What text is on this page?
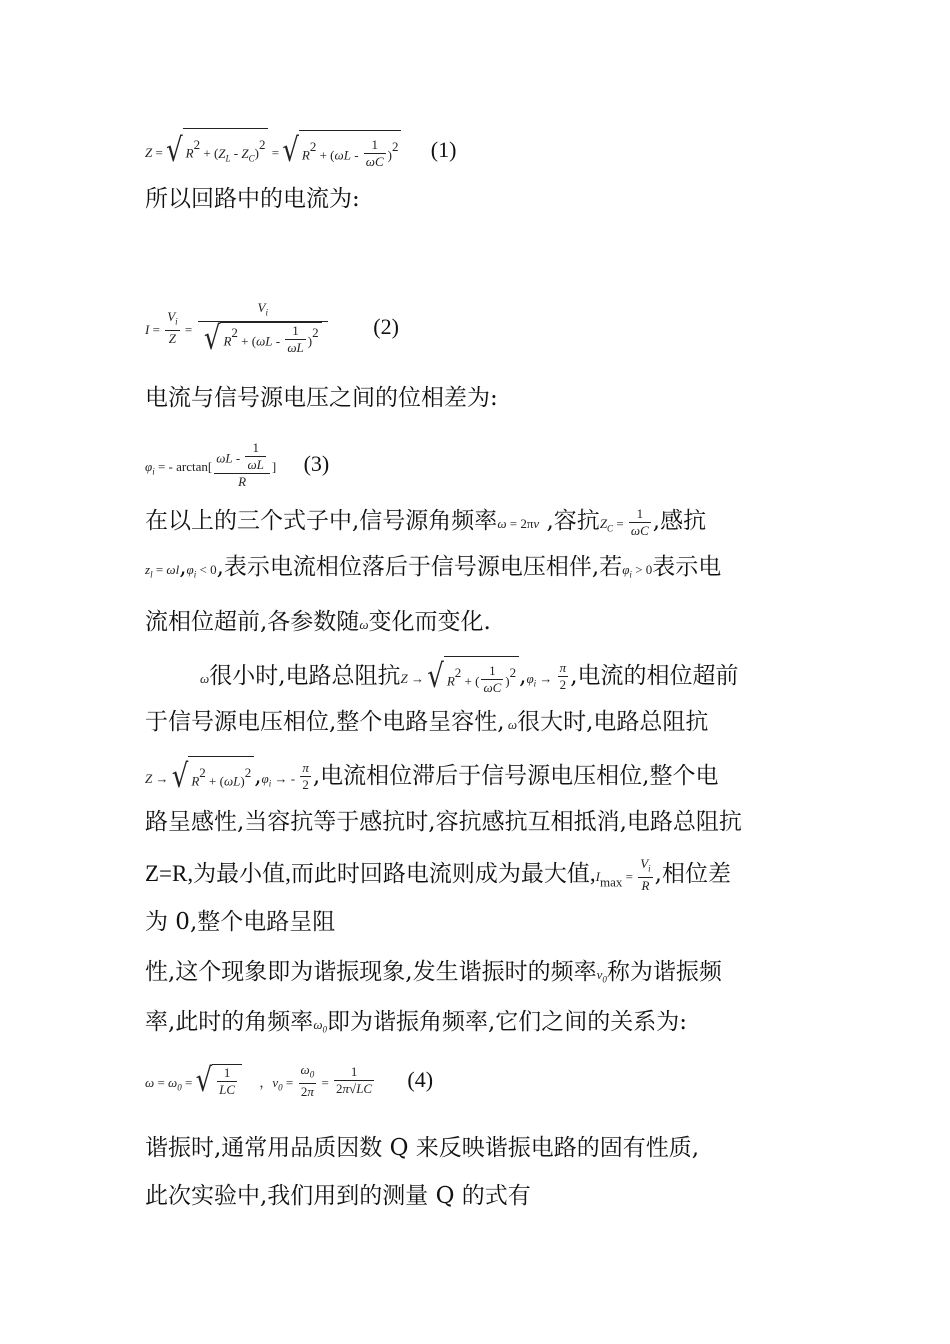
Z = √ $R^2 + (Z_L - Z_C)^2$ = √ $R^2 + (\omega L - \frac{1}{\omega C} )^2$ (1)
所以回路中的电流为:
$I = \frac{V_i}{Z} = \frac{V_i}{√ R^2 + (\omega L - \frac{1}{\omega L} )^2} (2)$
电流与信号源电压之间的位相差为:
$\varphi_i$ = - $\arctan[ \frac{\omega L - \frac{1}{\omega L}}{R}$ ] (3)
在以上的三个式子中,信号源角频率ω = 2πν ,容抗$Z_C = \frac{1}{\omega C}$ ,感抗
$z_l = \omega l,\varphi_i < 0$,表示电流相位落后于信号源电压相伴,若$\varphi_i > 0$表示电
流相位超前,各参数随ω变化而变化.
ω很小时,电路总阻抗Z → √ $R^2$ + ( $\frac{1}{\omega C} )^2$ $,\varphi_i \to \frac{\pi}{2}$ ,电流的相位超前
于信号源电压相位,整个电路呈容性, ω很大时,电路总阻抗
Z → √ $R^2 + (\omega L)^2$ $,\varphi_i$ → - $\frac{\pi}{2}$ ,电流相位滞后于信号源电压相位,整个电
路呈感性,当容抗等于感抗时,容抗感抗互相抵消,电路总阻抗
Z=R,为最小值,而此时回路电流则成为最大值$,I_{max} = \frac{V_i}{R}$ ,相位差
为 0,整个电路呈阻
性,这个现象即为谐振现象,发生谐振时的频率$\nu_0$称为谐振频
率,此时的角频率$\omega_0$即为谐振角频率,它们之间的关系为:
$\omega = \omega_0$ = √ $\frac{1}{LC}$ ，$\nu_0 = \frac{\omega_0}{2\pi} = \frac{1}{2\pi√LC} (4)$
谐振时,通常用品质因数 Q 来反映谐振电路的固有性质,
此次实验中,我们用到的测量 Q 的式有
